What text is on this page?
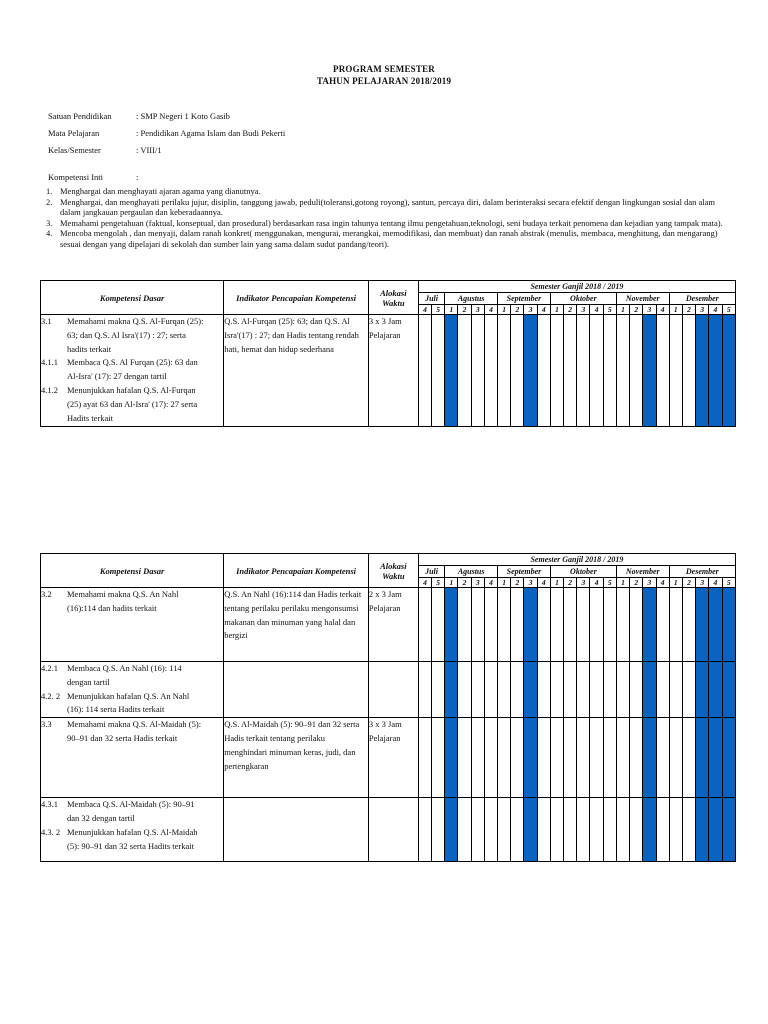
PROGRAM SEMESTER
TAHUN PELAJARAN 2018/2019
Satuan Pendidikan	: SMP Negeri 1 Koto Gasib
Mata Pelajaran	: Pendidikan Agama Islam dan Budi Pekerti
Kelas/Semester	: VIII/1
Kompetensi Inti	:
1. Menghargai dan menghayati ajaran agama yang dianutnya.
2. Menghargai, dan menghayati perilaku jujur, disiplin, tanggung jawab, peduli(toleransi,gotong royong), santun, percaya diri, dalam berinteraksi secara efektif dengan lingkungan sosial dan alam dalam jangkauan pergaulan dan keberadaannya.
3. Memahami pengetahuan (faktual, konseptual, dan prosedural) berdasarkan rasa ingin tahunya tentang ilmu pengetahuan,teknologi, seni budaya terkait penomena dan kejadian yang tampak mata).
4. Mencoba mengolah , dan menyaji, dalam ranah konkret( menggunakan, mengurai, merangkai, memodifikasi, dan membuat) dan ranah abstrak (menulis, membaca, menghitung, dan mengarang) sesuai dengan yang dipelajari di sekolah dan sumber lain yang sama dalam sudut pandang/teori).
Kompetensi Dasar	Indikator Pencapaian Kompetensi	Alokasi Waktu	Semester Ganjil 2018 / 2019																							
			Juli		Agustus				September				Oktober					November				Desember				
			4	5	1	2	3	4	1	2	3	4	1	2	3	4	5	1	2	3	4	1	2	3	4	5

3.1 Memahami makna Q.S. Al-Furqan (25): 63; dan Q.S. Al Isra'(17) : 27; serta hadits terkait
4.1.1 Membaca Q.S. Al Furqan (25): 63 dan Al-Isra' (17): 27 dengan tartil
4.1.2 Menunjukkan hafalan Q.S. Al-Furqan (25) ayat 63 dan Al-Isra' (17): 27 serta Hadits terkait	Q.S. Al-Furqan (25): 63; dan Q.S. Al Isra'(17) : 27; dan Hadis tentang rendah hati, hemat dan hidup sederhana	3 x 3 Jam Pelajaran																								
Kompetensi Dasar	Indikator Pencapaian Kompetensi	Alokasi Waktu	Semester Ganjil 2018 / 2019																							
			Juli		Agustus				September				Oktober					November				Desember				
			4	5	1	2	3	4	1	2	3	4	1	2	3	4	5	1	2	3	4	1	2	3	4	5

3.2 Memahami makna Q.S. An Nahl (16):114 dan hadits terkait	Q.S. An Nahl (16):114 dan Hadis terkait tentang perilaku perilaku mengonsumsi makanan dan minuman yang halal dan bergizi	2 x 3 Jam Pelajaran																								

4.2.1 Membaca Q.S. An Nahl (16): 114 dengan tartil
4.2. 2 Menunjukkan hafalan Q.S. An Nahl (16): 114 serta Hadits terkait																										

3.3 Memahami makna Q.S. Al-Maidah (5): 90–91 dan 32 serta Hadis terkait	Q.S. Al-Maidah (5): 90–91 dan 32 serta Hadis terkait tentang perilaku menghindari minuman keras, judi, dan pertengkaran	3 x 3 Jam Pelajaran																								

4.3.1 Membaca Q.S. Al-Maidah (5): 90–91 dan 32 dengan tartil
4.3. 2 Menunjukkan hafalan Q.S. Al-Maidah (5): 90–91 dan 32 serta Hadits terkait																										
